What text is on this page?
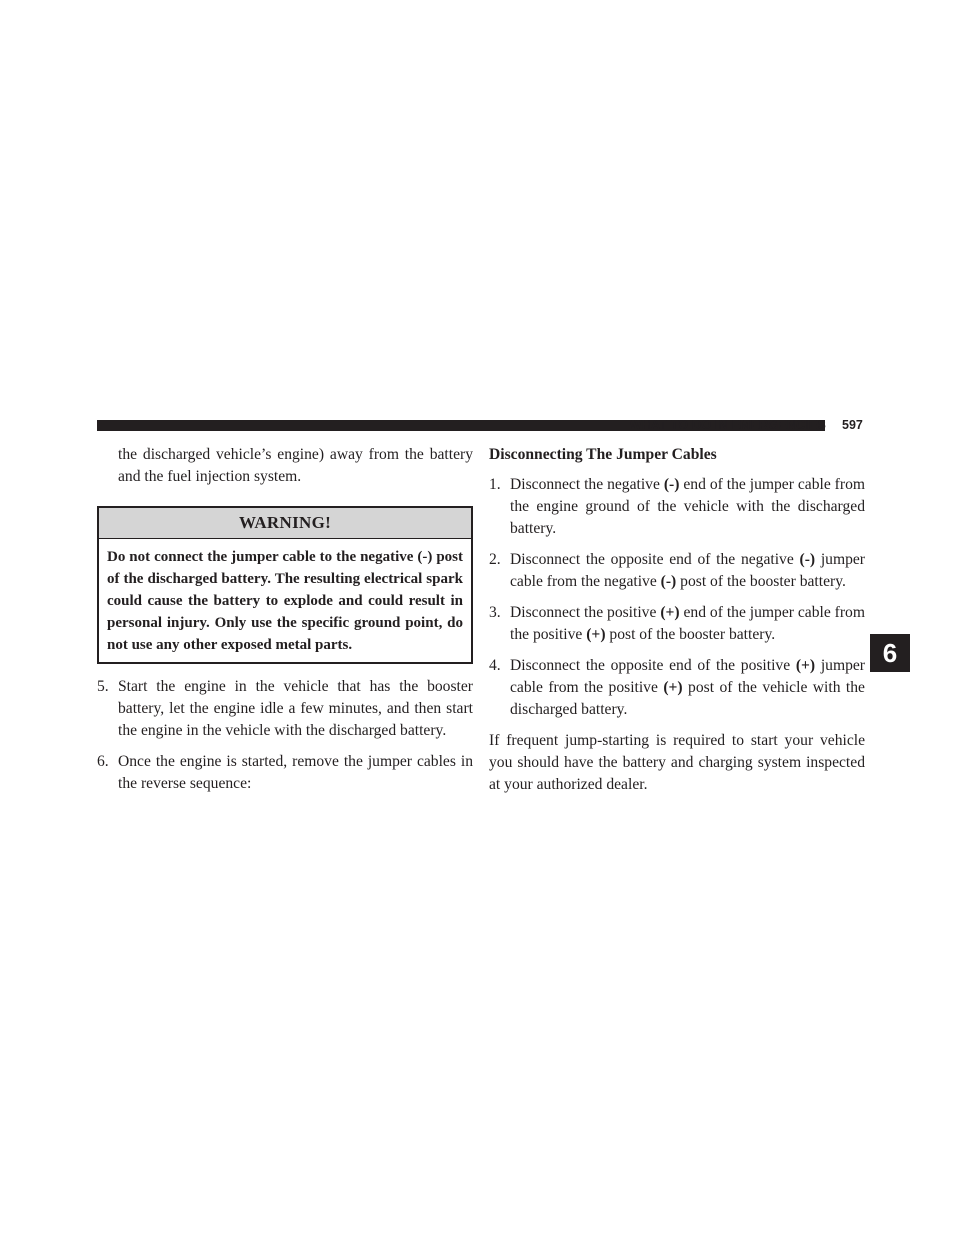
WHAT TO DO IN EMERGENCIES 597
6

the discharged vehicle’s engine) away from the battery and the fuel injection system.

WARNING!
Do not connect the jumper cable to the negative (-) post of the discharged battery. The resulting electrical spark could cause the battery to explode and could result in personal injury. Only use the specific ground point, do not use any other exposed metal parts.
5. Start the engine in the vehicle that has the booster battery, let the engine idle a few minutes, and then start the engine in the vehicle with the discharged battery.
6. Once the engine is started, remove the jumper cables in the reverse sequence:
Disconnecting The Jumper Cables
1. Disconnect the negative (-) end of the jumper cable from the engine ground of the vehicle with the discharged battery.
2. Disconnect the opposite end of the negative (-) jumper cable from the negative (-) post of the booster battery.
3. Disconnect the positive (+) end of the jumper cable from the positive (+) post of the booster battery.
4. Disconnect the opposite end of the positive (+) jumper cable from the positive (+) post of the vehicle with the discharged battery.

If frequent jump-starting is required to start your vehicle you should have the battery and charging system inspected at your authorized dealer.
